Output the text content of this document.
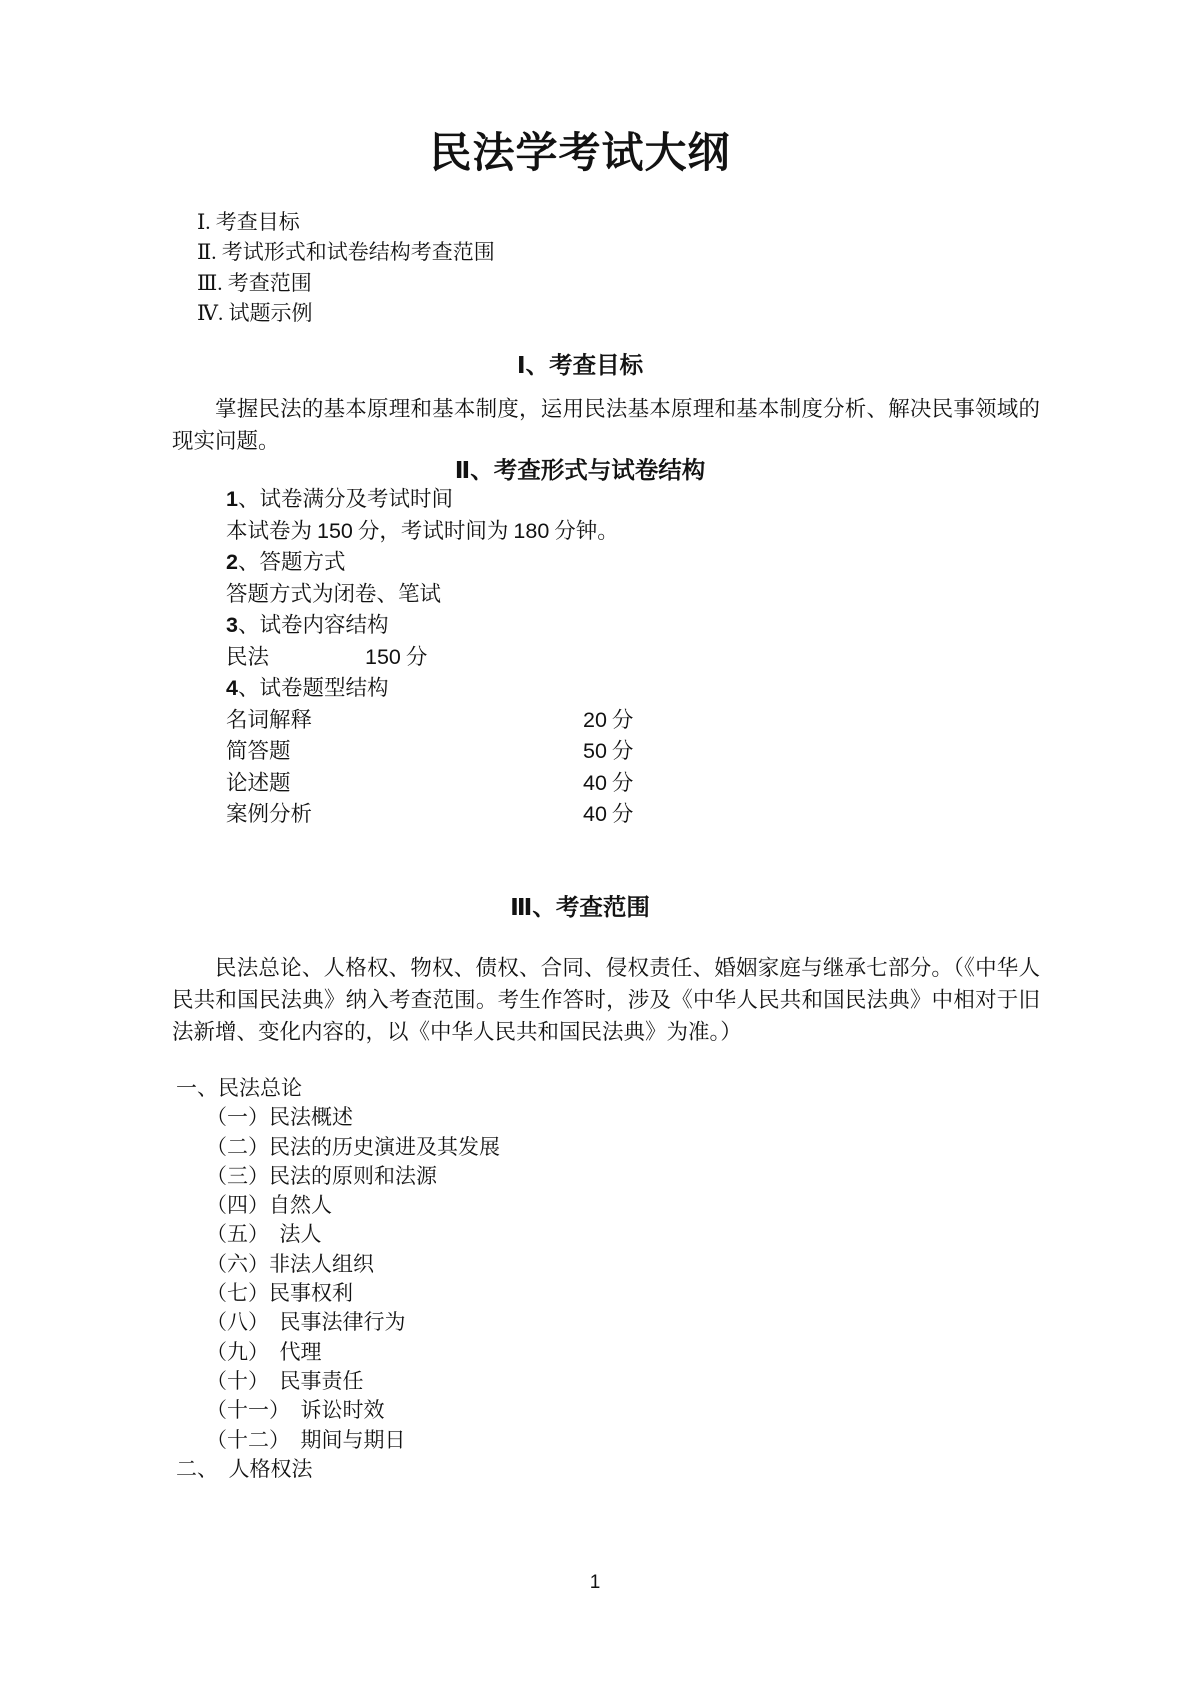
民法学考试大纲
Ⅰ. 考查目标
Ⅱ. 考试形式和试卷结构考查范围
Ⅲ. 考查范围
Ⅳ. 试题示例
Ⅰ、考查目标
掌握民法的基本原理和基本制度，运用民法基本原理和基本制度分析、解决民事领域的现实问题。
Ⅱ、考查形式与试卷结构
1、试卷满分及考试时间
本试卷为 150 分，考试时间为 180 分钟。
2、答题方式
答题方式为闭卷、笔试
3、试卷内容结构
民法	150 分
4、试卷题型结构
名词解释	20 分
简答题	50 分
论述题	40 分
案例分析	40 分
Ⅲ、考查范围
民法总论、人格权、物权、债权、合同、侵权责任、婚姻家庭与继承七部分。（《中华人民共和国民法典》纳入考查范围。考生作答时，涉及《中华人民共和国民法典》中相对于旧法新增、变化内容的，以《中华人民共和国民法典》为准。）
一、民法总论
（一）民法概述
（二）民法的历史演进及其发展
（三）民法的原则和法源
（四）自然人
（五）　法人
（六）非法人组织
（七）民事权利
（八）　民事法律行为
（九）　代理
（十）　民事责任
（十一）　诉讼时效
（十二）　期间与期日
二、　人格权法
1
